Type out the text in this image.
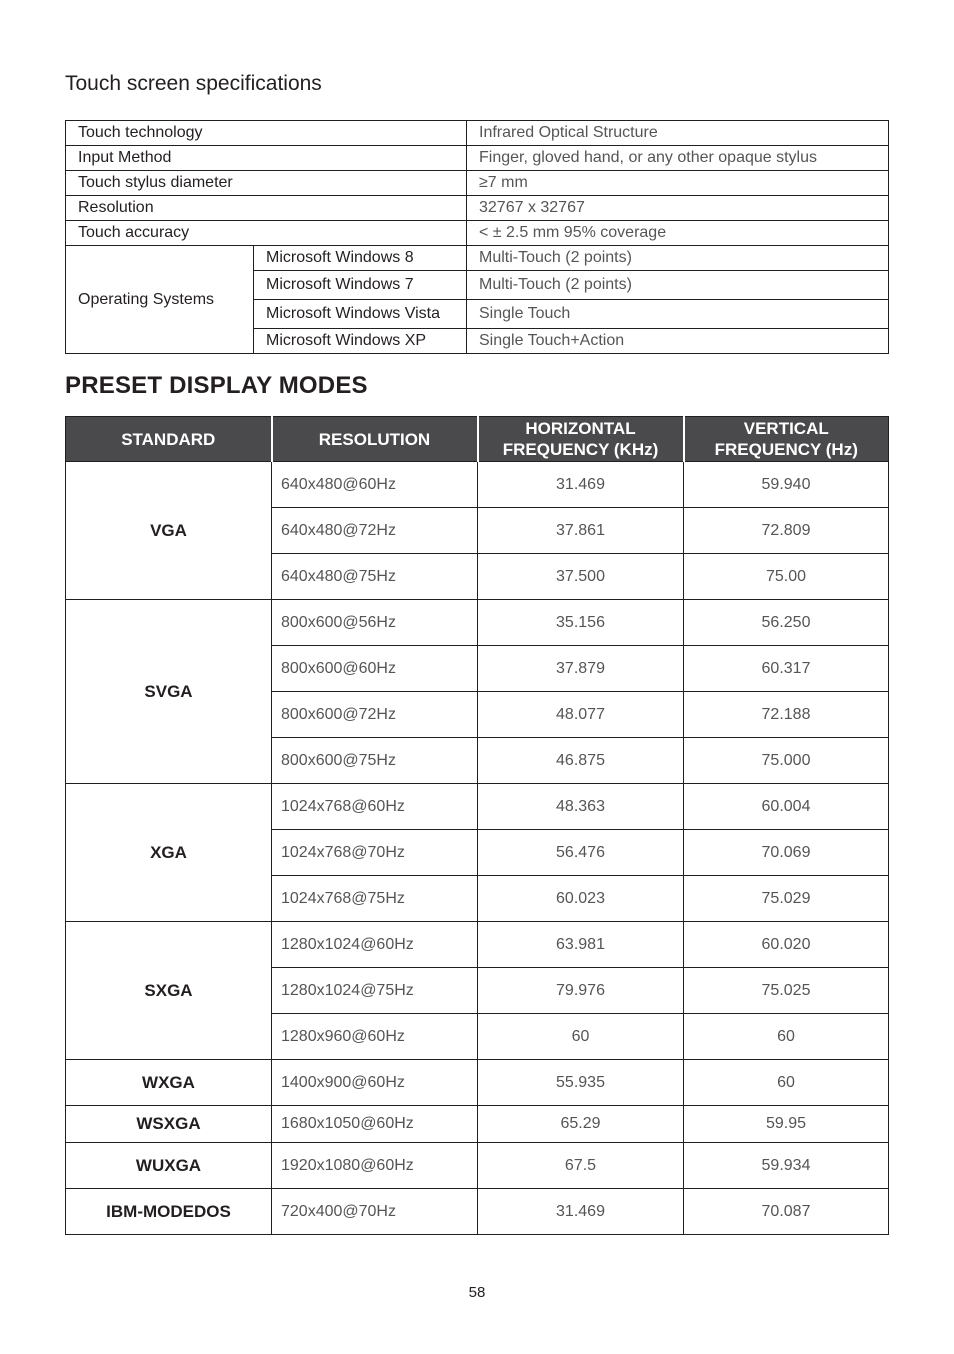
Touch screen specifications
Touch technology		Infrared Optical Structure
Input Method		Finger, gloved hand, or any other opaque stylus
Touch stylus diameter		≥7 mm
Resolution		32767 x 32767
Touch accuracy		< ± 2.5 mm 95% coverage
Operating Systems	Microsoft Windows 8	Multi-Touch (2 points)
	Microsoft Windows 7	Multi-Touch (2 points)
	Microsoft Windows Vista	Single Touch
	Microsoft Windows XP	Single Touch+Action
PRESET DISPLAY MODES
STANDARD	RESOLUTION	HORIZONTAL FREQUENCY (KHz)	VERTICAL FREQUENCY (Hz)
VGA	640x480@60Hz	31.469	59.940
	640x480@72Hz	37.861	72.809
	640x480@75Hz	37.500	75.00
SVGA	800x600@56Hz	35.156	56.250
	800x600@60Hz	37.879	60.317
	800x600@72Hz	48.077	72.188
	800x600@75Hz	46.875	75.000
XGA	1024x768@60Hz	48.363	60.004
	1024x768@70Hz	56.476	70.069
	1024x768@75Hz	60.023	75.029
SXGA	1280x1024@60Hz	63.981	60.020
	1280x1024@75Hz	79.976	75.025
	1280x960@60Hz	60	60
WXGA	1400x900@60Hz	55.935	60
WSXGA	1680x1050@60Hz	65.29	59.95
WUXGA	1920x1080@60Hz	67.5	59.934
IBM-MODEDOS	720x400@70Hz	31.469	70.087
58
